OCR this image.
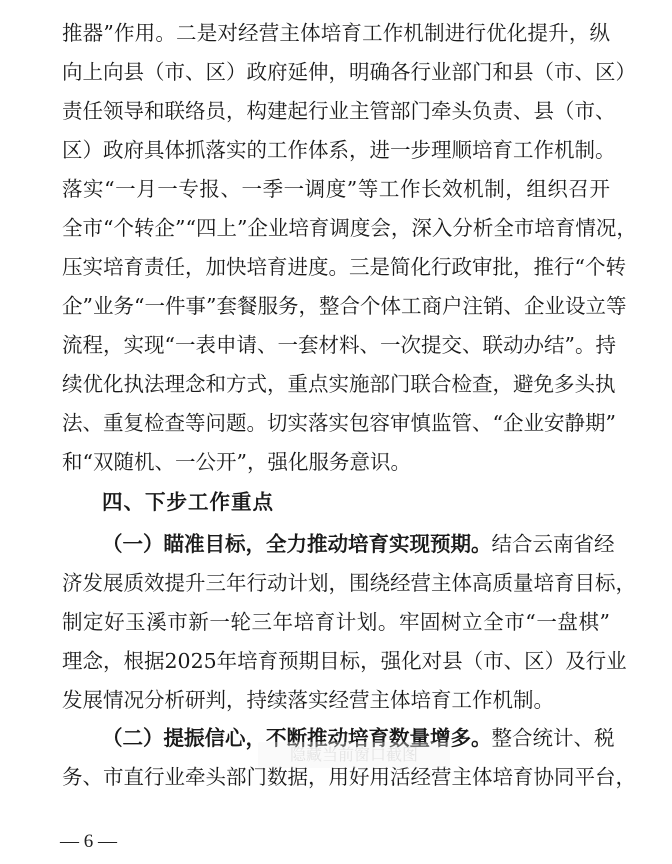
推器”作用。二是对经营主体培育工作机制进行优化提升，纵
向上向县（市、区）政府延伸，明确各行业部门和县（市、区）
责任领导和联络员，构建起行业主管部门牵头负责、县（市、
区）政府具体抓落实的工作体系，进一步理顺培育工作机制。
落实“一月一专报、一季一调度”等工作长效机制，组织召开
全市“个转企”“四上”企业培育调度会，深入分析全市培育情况，
压实培育责任，加快培育进度。三是简化行政审批，推行“个转
企”业务“一件事”套餐服务，整合个体工商户注销、企业设立等
流程，实现“一表申请、一套材料、一次提交、联动办结”。持
续优化执法理念和方式，重点实施部门联合检查，避免多头执
法、重复检查等问题。切实落实包容审慎监管、“企业安静期”
和“双随机、一公开”，强化服务意识。
四、下步工作重点
（一）瞄准目标，全力推动培育实现预期。结合云南省经
济发展质效提升三年行动计划，围绕经营主体高质量培育目标，
制定好玉溪市新一轮三年培育计划。牢固树立全市“一盘棋”
理念，根据2025年培育预期目标，强化对县（市、区）及行业
发展情况分析研判，持续落实经营主体培育工作机制。
（二）提振信心，不断推动培育数量增多。整合统计、税
务、市直行业牵头部门数据，用好用活经营主体培育协同平台，
隐藏当前窗口截图
— 6 —
